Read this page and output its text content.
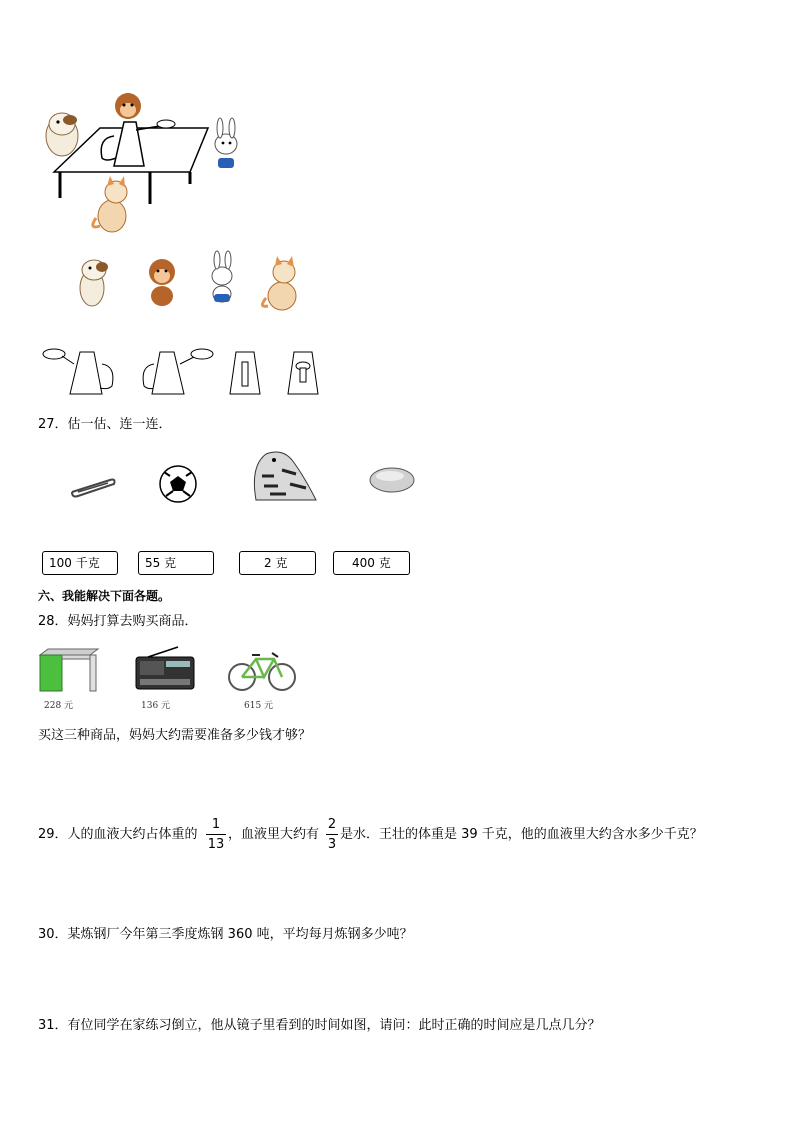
27．估一估、连一连．
100 千克	55 克	2 克	400 克
六、我能解决下面各题。
28．妈妈打算去购买商品．
228 元	136 元	615 元
买这三种商品，妈妈大约需要准备多少钱才够？
29．人的血液大约占体重的
1
13
，血液里大约有
2
3
是水．王壮的体重是 39 千克，他的血液里大约含水多少千克？
30．某炼钢厂今年第三季度炼钢 360 吨，平均每月炼钢多少吨？
31．有位同学在家练习倒立，他从镜子里看到的时间如图，请问：此时正确的时间应是几点几分？
